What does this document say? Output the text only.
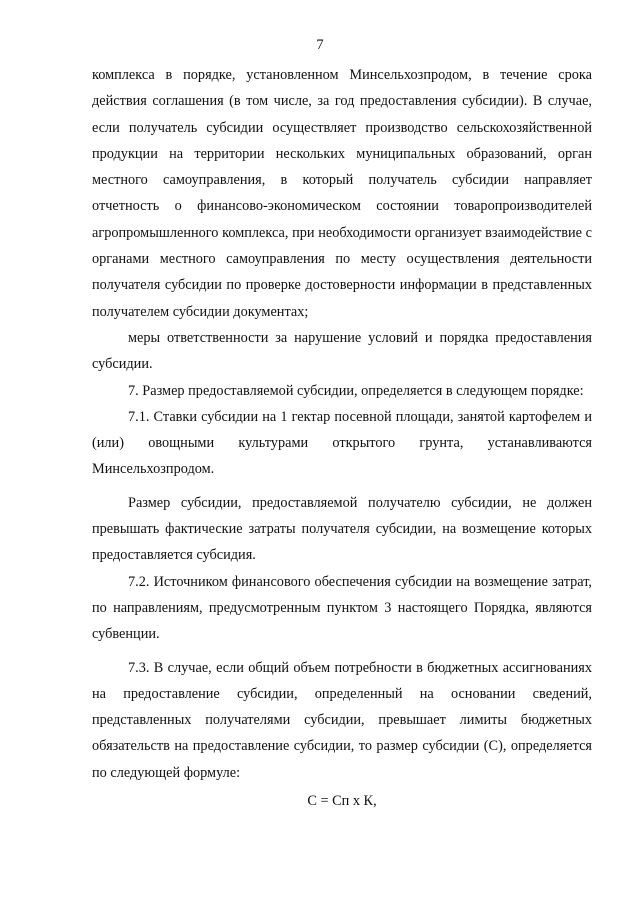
7

комплекса в порядке, установленном Минсельхозпродом, в течение срока действия соглашения (в том числе, за год предоставления субсидии). В случае, если получатель субсидии осуществляет производство сельскохозяйственной продукции на территории нескольких муниципальных образований, орган местного самоуправления, в который получатель субсидии направляет отчетность о финансово-экономическом состоянии товаропроизводителей агропромышленного комплекса, при необходимости организует взаимодействие с органами местного самоуправления по месту осуществления деятельности получателя субсидии по проверке достоверности информации в представленных получателем субсидии документах;

меры ответственности за нарушение условий и порядка предоставления субсидии.

7. Размер предоставляемой субсидии, определяется в следующем порядке:

7.1. Ставки субсидии на 1 гектар посевной площади, занятой картофелем и (или) овощными культурами открытого грунта, устанавливаются Минсельхозпродом.

Размер субсидии, предоставляемой получателю субсидии, не должен превышать фактические затраты получателя субсидии, на возмещение которых предоставляется субсидия.

7.2. Источником финансового обеспечения субсидии на возмещение затрат, по направлениям, предусмотренным пунктом 3 настоящего Порядка, являются субвенции.

7.3. В случае, если общий объем потребности в бюджетных ассигнованиях на предоставление субсидии, определенный на основании сведений, представленных получателями субсидии, превышает лимиты бюджетных обязательств на предоставление субсидии, то размер субсидии (С), определяется по следующей формуле:

С = Сп х К,
